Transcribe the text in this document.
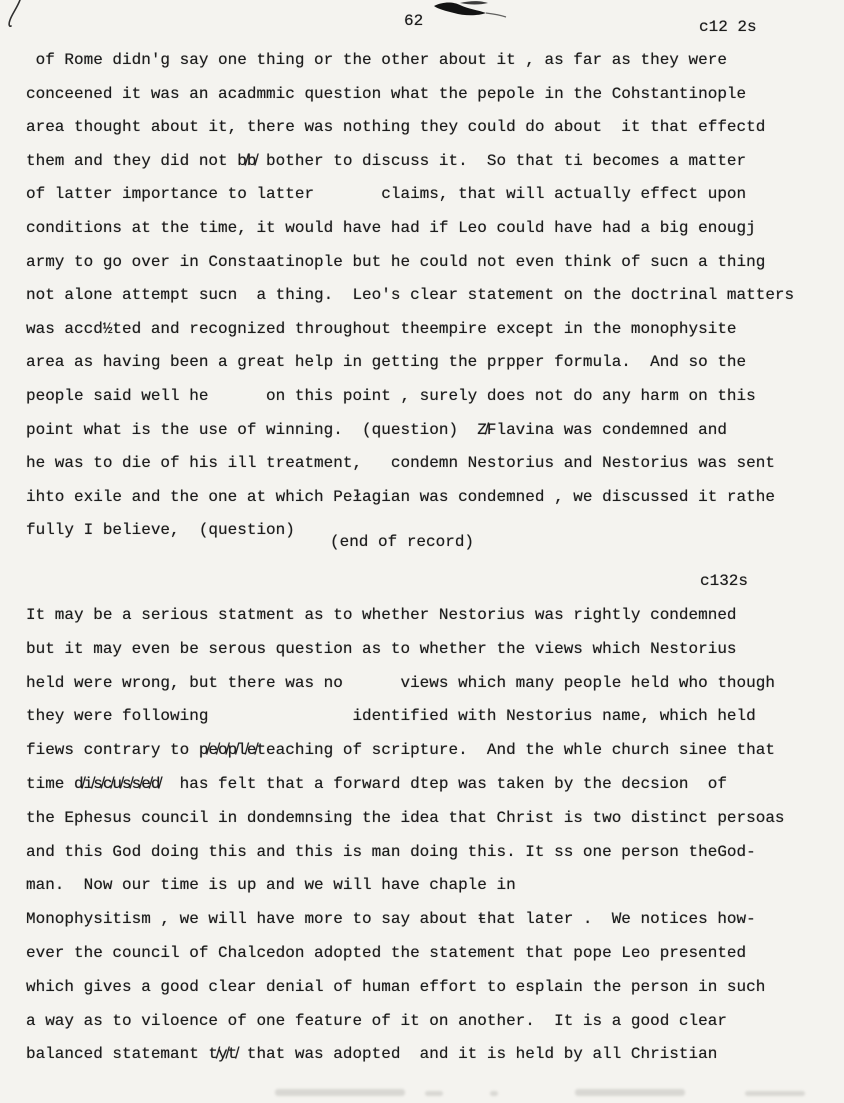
62	c12 2s
of Rome didn'g say one thing or the other about it , as far as they were
conceened it was an acadmmic question what the pepole in the Cohstantinople
area thought about it, there was nothing they could do about  it that effectd
them and they did not b̸b̸ bother to discuss it.  So that ti becomes a matter
of latter importance to latter       claims, that will actually effect upon
conditions at the time, it would have had if Leo could have had a big enougj
army to go over in Constaatinople but he could not even think of sucn a thing
not alone attempt sucn  a thing.  Leo's clear statement on the doctrinal matters
was accd½ted and recognized throughout theempire except in the monophysite
area as having been a great help in getting the prpper formula.  And so the
people said well he      on this point , surely does not do any harm on this
point what is the use of winning.  (question)  Z̸Flavina was condemned and
he was to die of his ill treatment,   condemn Nestorius and Nestorius was sent
ihto exile and the one at which Pełagian was condemned , we discussed it rathe
fully I believe,  (question)
(end of record)
c132s
It may be a serious statment as to whether Nestorius was rightly condemned
but it may even be serous question as to whether the views which Nestorius
held were wrong, but there was no      views which many people held who though
they were following               identified with Nestorius name, which held
fiews contrary to p̸e̸o̸p̸l̸e̸teaching of scripture.  And the whle church sinee that
time d̸i̸s̸c̸u̸s̸s̸e̸d̸  has felt that a forward dtep was taken by the decsion  of
the Ephesus council in dondemnsing the idea that Christ is two distinct persoas
and this God doing this and this is man doing this. It ss one person theGod-
man.  Now our time is up and we will have chaple in
Monophysitism , we will have more to say about ŧhat later .  We notices how-
ever the council of Chalcedon adopted the statement that pope Leo presented
which gives a good clear denial of human effort to esplain the person in such
a way as to viloence of one feature of it on another.  It is a good clear
balanced statemant t̸y̸t̸ that was adopted  and it is held by all Christian
